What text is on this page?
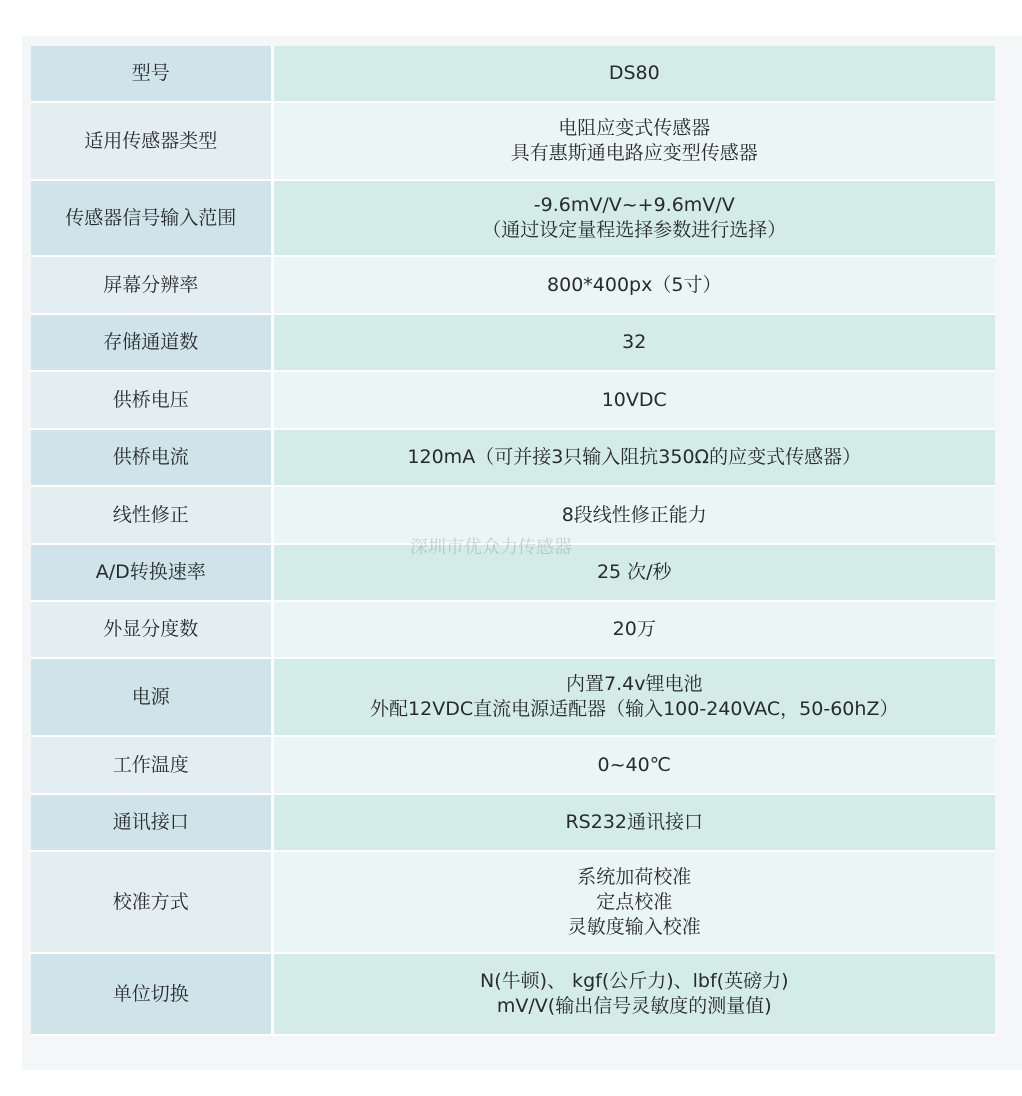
型号	DS80

适用传感器类型	电阻应变式传感器
具有惠斯通电路应变型传感器

传感器信号输入范围	-9.6mV/V~+9.6mV/V
（通过设定量程选择参数进行选择）

屏幕分辨率	800*400px（5寸）

存储通道数	32

供桥电压	10VDC

供桥电流	120mA（可并接3只输入阻抗350Ω的应变式传感器）

线性修正	8段线性修正能力

A/D转换速率	25 次/秒

外显分度数	20万

电源	内置7.4v锂电池
外配12VDC直流电源适配器（输入100-240VAC，50-60hZ）

工作温度	0~40℃

通讯接口	RS232通讯接口

校准方式	系统加荷校准
定点校准
灵敏度输入校准

单位切换	N(牛顿)、 kgf(公斤力)、lbf(英磅力)
mV/V(输出信号灵敏度的测量值)
深圳市优众力传感器
